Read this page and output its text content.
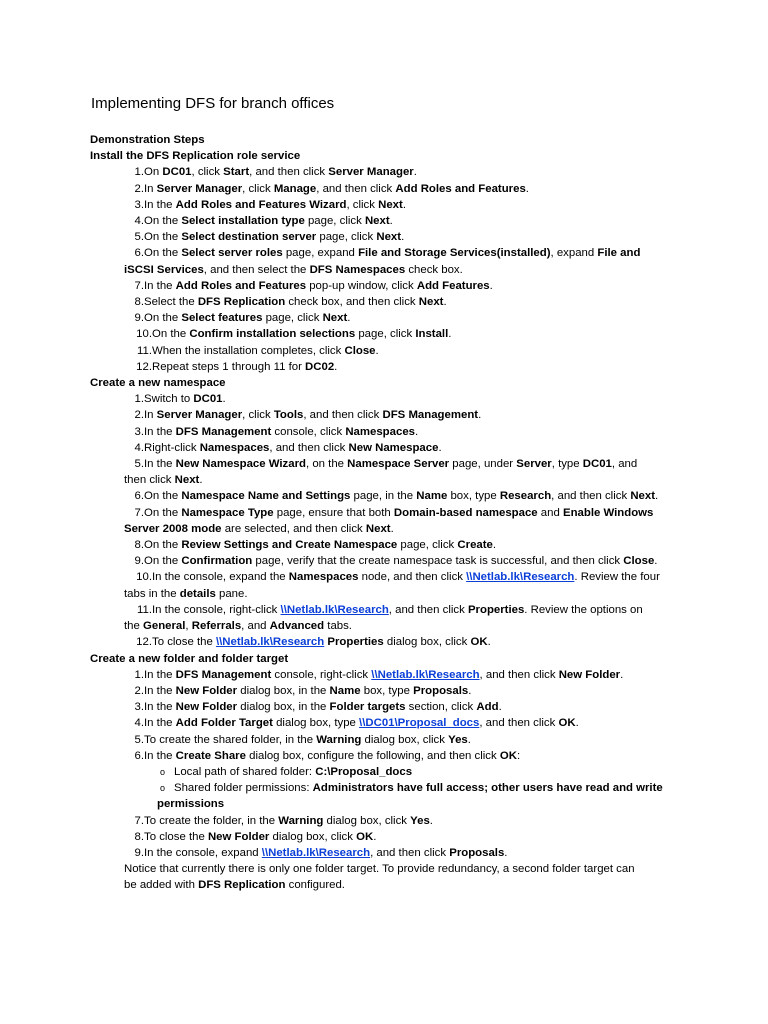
Implementing DFS for branch offices
Demonstration Steps
Install the DFS Replication role service
1. On DC01, click Start, and then click Server Manager.
2. In Server Manager, click Manage, and then click Add Roles and Features.
3. In the Add Roles and Features Wizard, click Next.
4. On the Select installation type page, click Next.
5. On the Select destination server page, click Next.
6. On the Select server roles page, expand File and Storage Services(installed), expand File and
iSCSI Services, and then select the DFS Namespaces check box.
7. In the Add Roles and Features pop-up window, click Add Features.
8. Select the DFS Replication check box, and then click Next.
9. On the Select features page, click Next.
10. On the Confirm installation selections page, click Install.
11. When the installation completes, click Close.
12. Repeat steps 1 through 11 for DC02.
Create a new namespace
1. Switch to DC01.
2. In Server Manager, click Tools, and then click DFS Management.
3. In the DFS Management console, click Namespaces.
4. Right-click Namespaces, and then click New Namespace.
5. In the New Namespace Wizard, on the Namespace Server page, under Server, type DC01, and
then click Next.
6. On the Namespace Name and Settings page, in the Name box, type Research, and then click Next.
7. On the Namespace Type page, ensure that both Domain-based namespace and Enable Windows
Server 2008 mode are selected, and then click Next.
8. On the Review Settings and Create Namespace page, click Create.
9. On the Confirmation page, verify that the create namespace task is successful, and then click Close.
10. In the console, expand the Namespaces node, and then click \\Netlab.lk\Research. Review the four
tabs in the details pane.
11. In the console, right-click \\Netlab.lk\Research, and then click Properties. Review the options on
the General, Referrals, and Advanced tabs.
12. To close the \\Netlab.lk\Research Properties dialog box, click OK.
Create a new folder and folder target
1. In the DFS Management console, right-click \\Netlab.lk\Research, and then click New Folder.
2. In the New Folder dialog box, in the Name box, type Proposals.
3. In the New Folder dialog box, in the Folder targets section, click Add.
4. In the Add Folder Target dialog box, type \\DC01\Proposal_docs, and then click OK.
5. To create the shared folder, in the Warning dialog box, click Yes.
6. In the Create Share dialog box, configure the following, and then click OK:
o Local path of shared folder: C:\Proposal_docs
o Shared folder permissions: Administrators have full access; other users have read and write
permissions
7. To create the folder, in the Warning dialog box, click Yes.
8. To close the New Folder dialog box, click OK.
9. In the console, expand \\Netlab.lk\Research, and then click Proposals.
Notice that currently there is only one folder target. To provide redundancy, a second folder target can
be added with DFS Replication configured.
